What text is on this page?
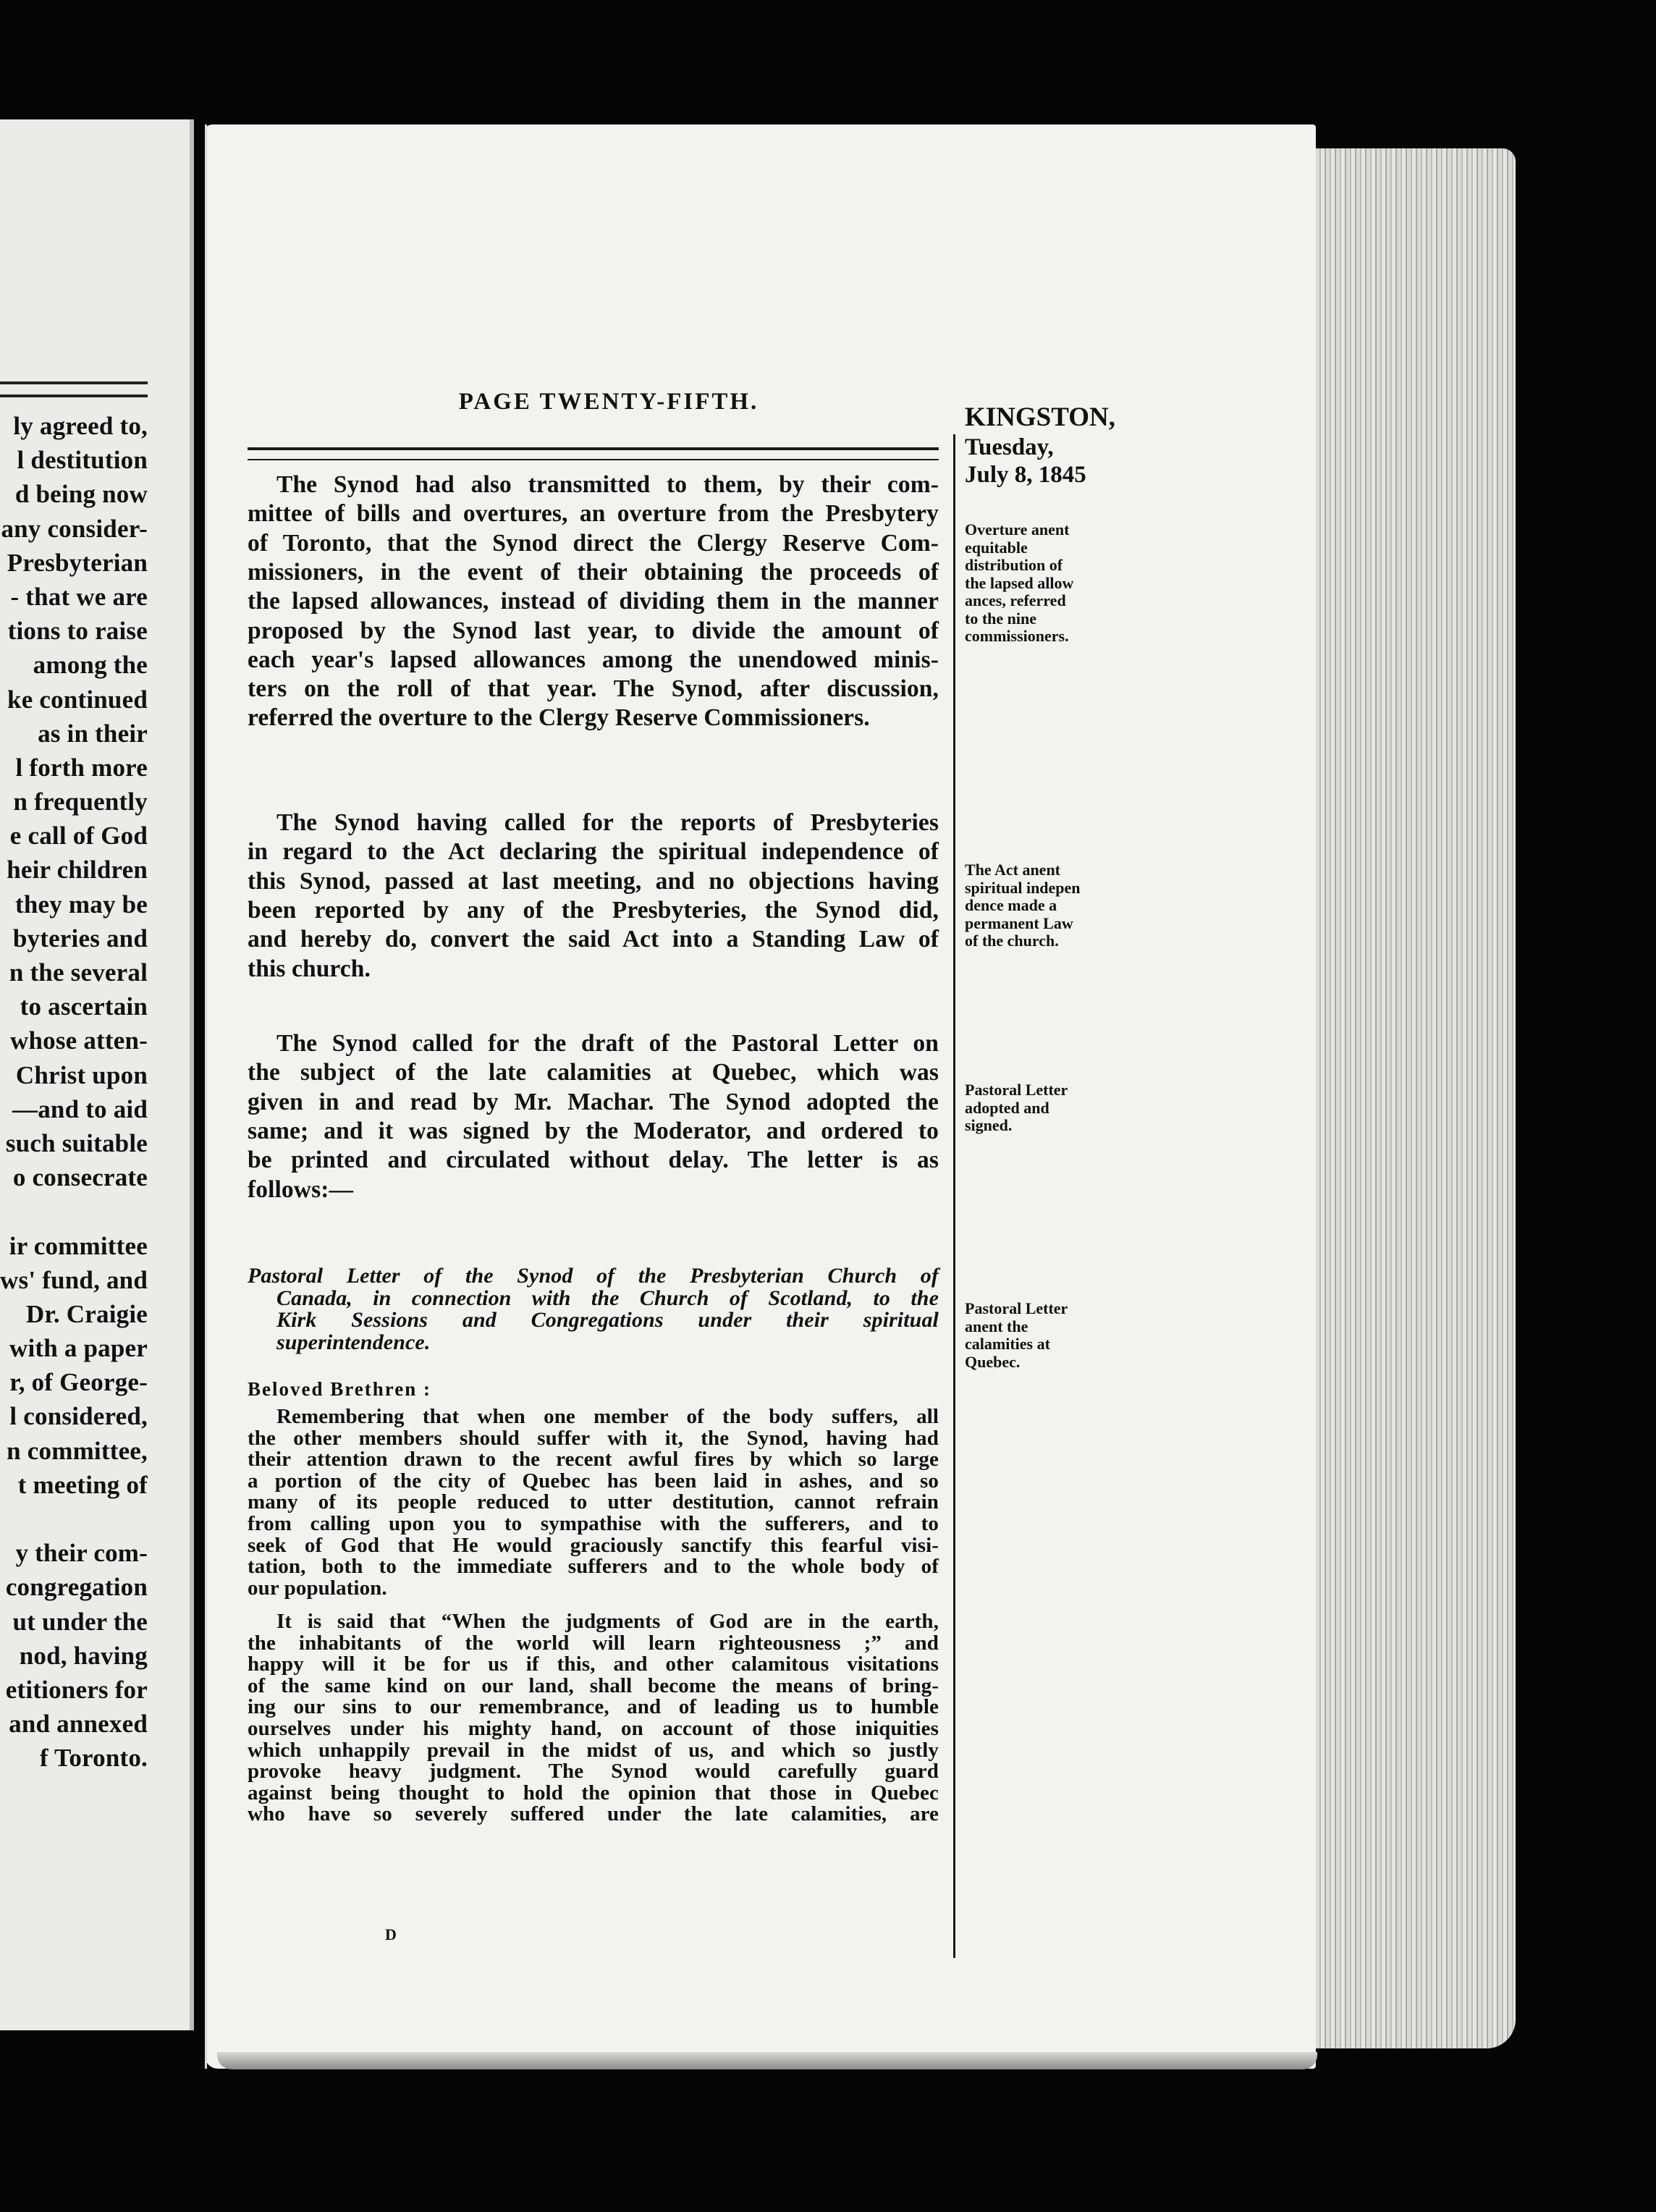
ly agreed to,
l destitution
d being now
any consider-
Presbyterian
- that we are
tions to raise
among the
ke continued
as in their
l forth more
n frequently
e call of God
heir children
they may be
byteries and
n the several
to ascertain
whose atten-
Christ upon
—and to aid
such suitable
o consecrate
ir committee
ws' fund, and
Dr. Craigie
with a paper
r, of George-
l considered,
n committee,
t meeting of
y their com-
congregation
ut under the
nod, having
etitioners for
and annexed
f Toronto.
PAGE TWENTY-FIFTH.
KINGSTON,
Tuesday,
July 8, 1845
Overture anent
equitable
distribution of
the lapsed allow
ances, referred
to the nine
commissioners.
The Act anent
spiritual indepen
dence made a
permanent Law
of the church.
Pastoral Letter
adopted and
signed.
Pastoral Letter
anent the
calamities at
Quebec.
The Synod had also transmitted to them, by their com-
mittee of bills and overtures, an overture from the Presbytery
of Toronto, that the Synod direct the Clergy Reserve Com-
missioners, in the event of their obtaining the proceeds of
the lapsed allowances, instead of dividing them in the manner
proposed by the Synod last year, to divide the amount of
each year's lapsed allowances among the unendowed minis-
ters on the roll of that year. The Synod, after discussion,
referred the overture to the Clergy Reserve Commissioners.
The Synod having called for the reports of Presbyteries
in regard to the Act declaring the spiritual independence of
this Synod, passed at last meeting, and no objections having
been reported by any of the Presbyteries, the Synod did,
and hereby do, convert the said Act into a Standing Law of
this church.
The Synod called for the draft of the Pastoral Letter on
the subject of the late calamities at Quebec, which was
given in and read by Mr. Machar. The Synod adopted the
same; and it was signed by the Moderator, and ordered to
be printed and circulated without delay. The letter is as
follows:—
Pastoral Letter of the Synod of the Presbyterian Church of
Canada, in connection with the Church of Scotland, to the
Kirk Sessions and Congregations under their spiritual
superintendence.
Remembering that when one member of the body suffers, all
the other members should suffer with it, the Synod, having had
their attention drawn to the recent awful fires by which so large
a portion of the city of Quebec has been laid in ashes, and so
many of its people reduced to utter destitution, cannot refrain
from calling upon you to sympathise with the sufferers, and to
seek of God that He would graciously sanctify this fearful visi-
tation, both to the immediate sufferers and to the whole body of
our population.
It is said that “When the judgments of God are in the earth,
the inhabitants of the world will learn righteousness ;” and
happy will it be for us if this, and other calamitous visitations
of the same kind on our land, shall become the means of bring-
ing our sins to our remembrance, and of leading us to humble
ourselves under his mighty hand, on account of those iniquities
which unhappily prevail in the midst of us, and which so justly
provoke heavy judgment. The Synod would carefully guard
against being thought to hold the opinion that those in Quebec
who have so severely suffered under the late calamities, are
Beloved Brethren :
D
